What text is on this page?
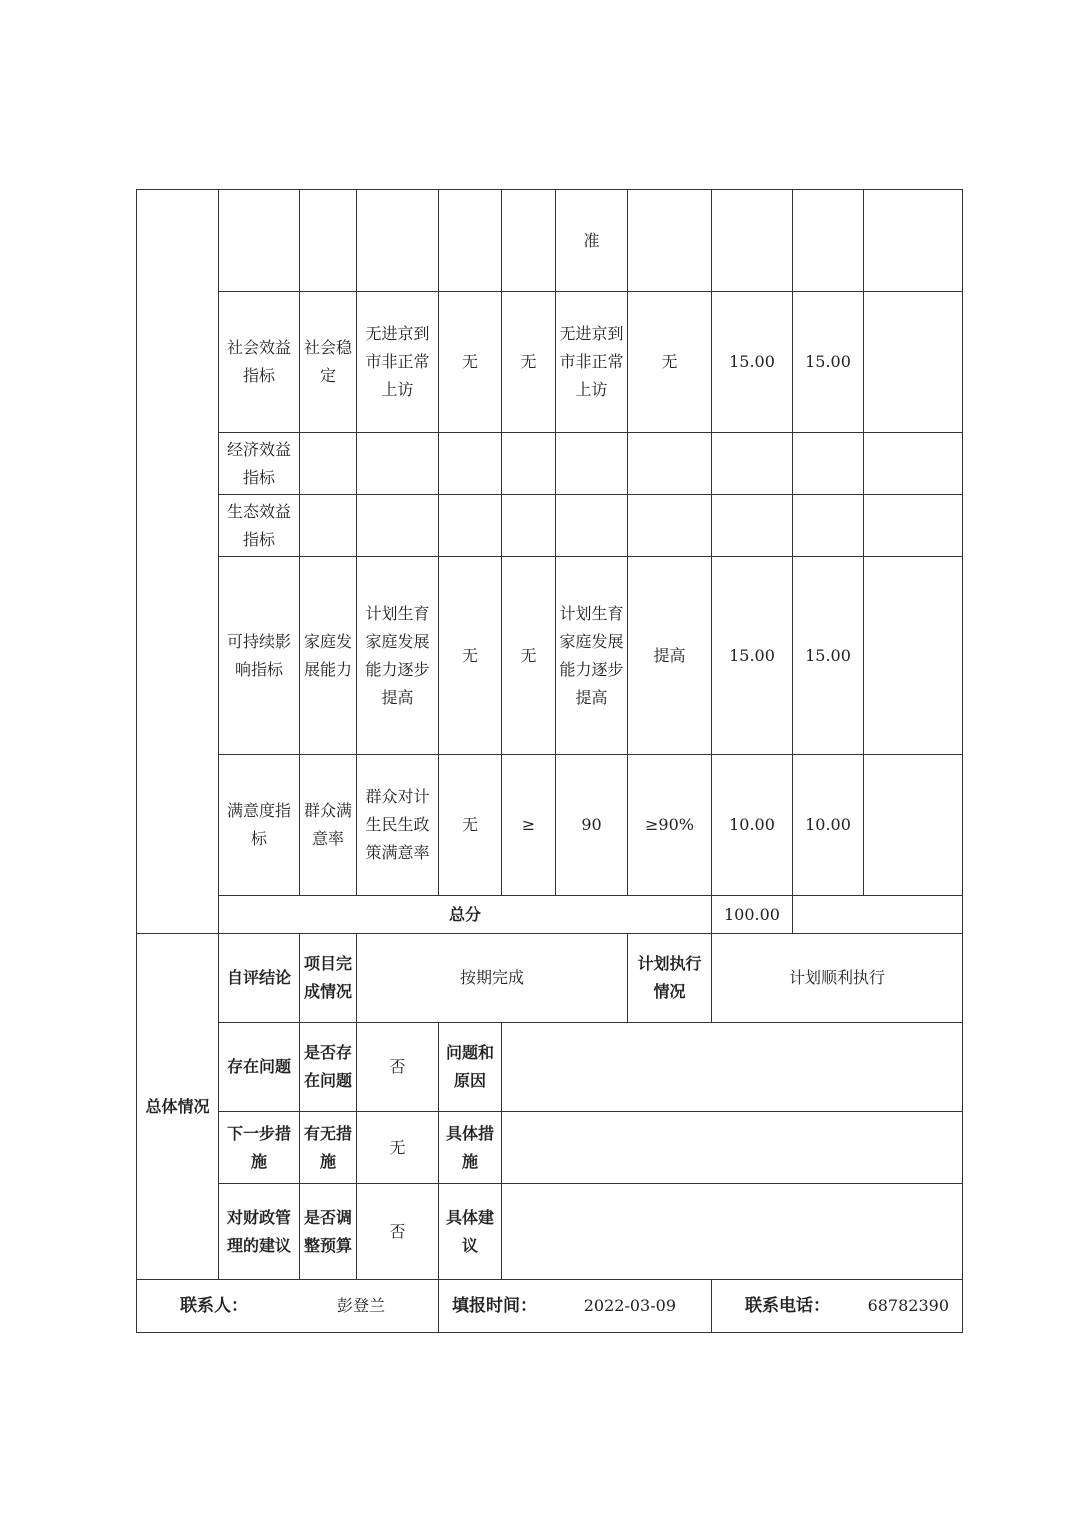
						准				
	社会效益指标	社会稳定	无进京到市非正常上访	无	无	无进京到市非正常上访	无	15.00	15.00	
	经济效益指标									
	生态效益指标									
	可持续影响指标	家庭发展能力	计划生育家庭发展能力逐步提高	无	无	计划生育家庭发展能力逐步提高	提高	15.00	15.00	
	满意度指标	群众满意率	群众对计生民生政策满意率	无	≥	90	≥90%	10.00	10.00	
	总分							100.00		
总体情况	自评结论	项目完成情况	按期完成				计划执行情况	计划顺利执行		
	存在问题	是否存在问题	否	问题和原因						
	下一步措施	有无措施	无	具体措施						
	对财政管理的建议	是否调整预算	否	具体建议						

联系人： 彭登兰				填报时间： 2022-03-09				联系电话： 68782390		
